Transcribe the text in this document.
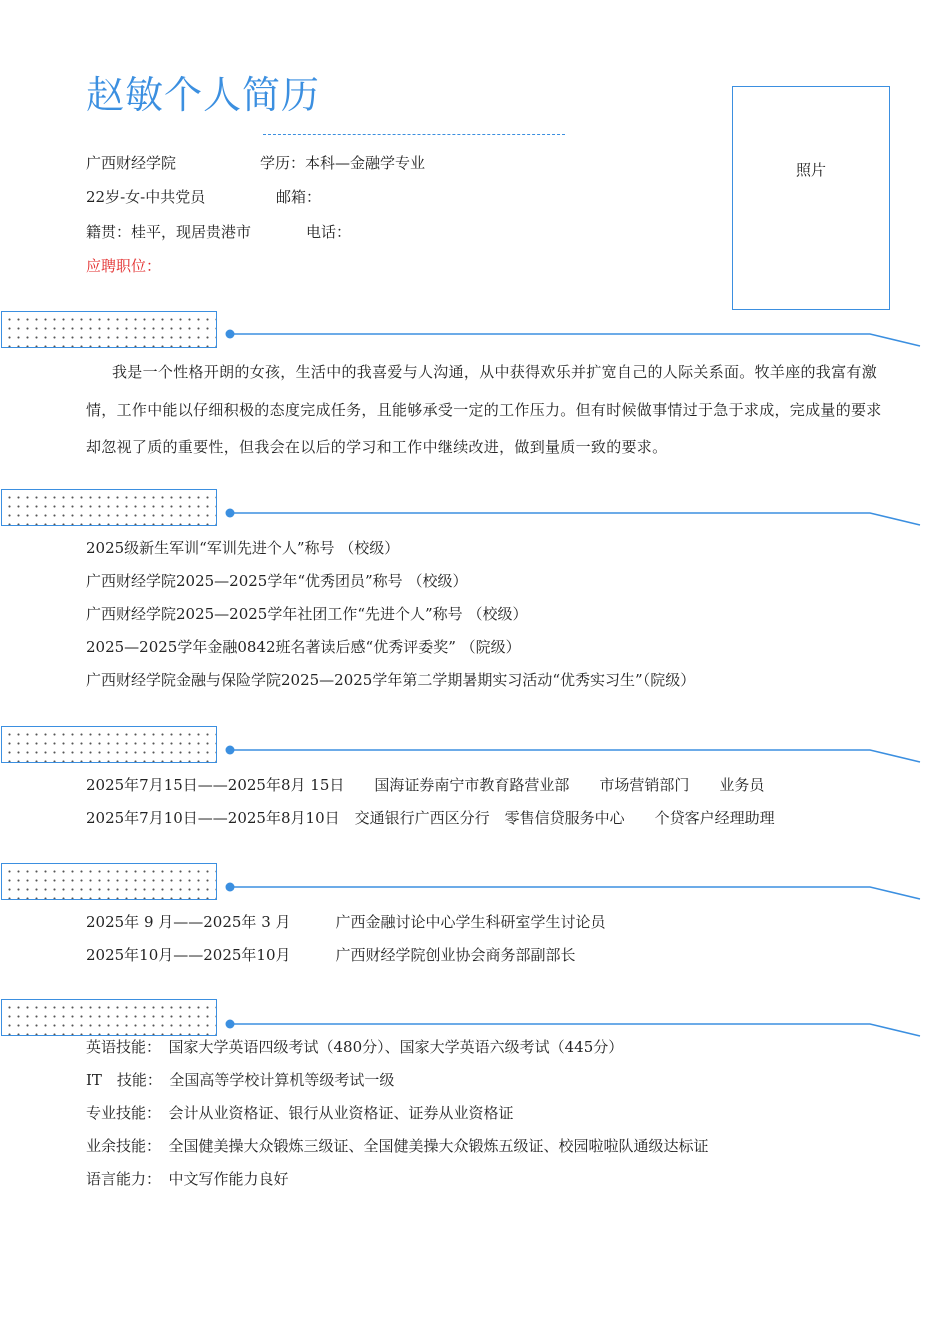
赵敏个人简历
广西财经学院	学历：本科—金融学专业
22岁-女-中共党员	邮箱：
籍贯：桂平，现居贵港市	电话：
应聘职位：
照片
我是一个性格开朗的女孩，生活中的我喜爱与人沟通，从中获得欢乐并扩宽自己的人际关系面。牧羊座的我富有激情，工作中能以仔细积极的态度完成任务，且能够承受一定的工作压力。但有时候做事情过于急于求成，完成量的要求却忽视了质的重要性，但我会在以后的学习和工作中继续改进，做到量质一致的要求。
2025级新生军训“军训先进个人”称号 （校级）
广西财经学院2025—2025学年“优秀团员”称号 （校级）
广西财经学院2025—2025学年社团工作“先进个人”称号 （校级）
2025—2025学年金融0842班名著读后感“优秀评委奖” （院级）
广西财经学院金融与保险学院2025—2025学年第二学期暑期实习活动“优秀实习生”（院级）
2025年7月15日——2025年8月 15日　　国海证券南宁市教育路营业部　　市场营销部门　　业务员
2025年7月10日——2025年8月10日　交通银行广西区分行　零售信贷服务中心　　个贷客户经理助理
2025年 9 月——2025年 3 月　　　广西金融讨论中心学生科研室学生讨论员
2025年10月——2025年10月　　　广西财经学院创业协会商务部副部长
英语技能：　国家大学英语四级考试（480分）、国家大学英语六级考试（445分）
IT　技能：　全国高等学校计算机等级考试一级
专业技能：　会计从业资格证、银行从业资格证、证券从业资格证
业余技能：　全国健美操大众锻炼三级证、全国健美操大众锻炼五级证、校园啦啦队通级达标证
语言能力：　中文写作能力良好
